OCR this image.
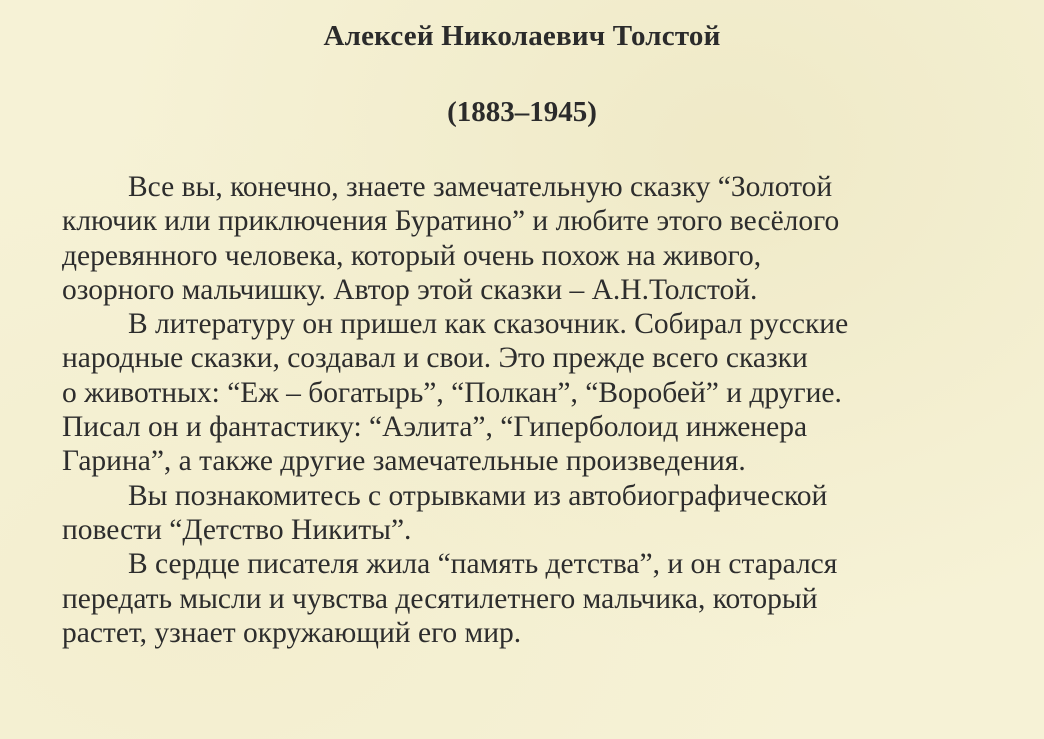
Алексей Николаевич Толстой
(1883–1945)
Все вы, конечно, знаете замечательную сказку “Золотой
ключик или приключения Буратино” и любите этого весёлого
деревянного человека, который очень похож на живого,
озорного мальчишку. Автор этой сказки – А.Н.Толстой.
В литературу он пришел как сказочник. Собирал русские
народные сказки, создавал и свои. Это прежде всего сказки
о животных: “Еж – богатырь”, “Полкан”, “Воробей” и другие.
Писал он и фантастику: “Аэлита”, “Гиперболоид инженера
Гарина”, а также другие замечательные произведения.
Вы познакомитесь с отрывками из автобиографической
повести “Детство Никиты”.
В сердце писателя жила “память детства”, и он старался
передать мысли и чувства десятилетнего мальчика, который
растет, узнает окружающий его мир.
